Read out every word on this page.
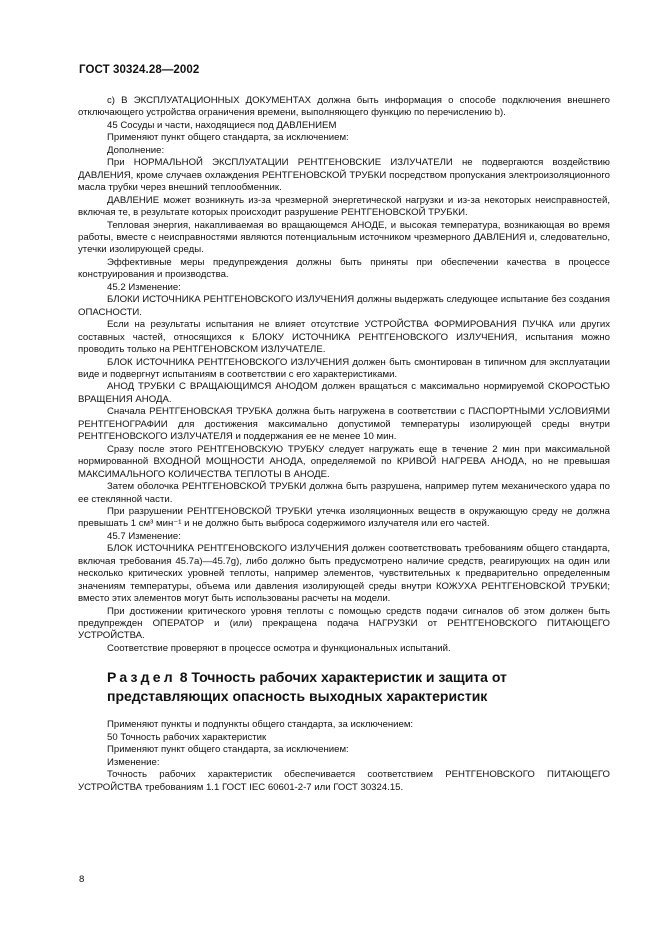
ГОСТ 30324.28—2002

c) В ЭКСПЛУАТАЦИОННЫХ ДОКУМЕНТАХ должна быть информация о способе подключения внешнего отключающего устройства ограничения времени, выполняющего функцию по перечислению b).

45 Сосуды и части, находящиеся под ДАВЛЕНИЕМ

Применяют пункт общего стандарта, за исключением:

Дополнение:

При НОРМАЛЬНОЙ ЭКСПЛУАТАЦИИ РЕНТГЕНОВСКИЕ ИЗЛУЧАТЕЛИ не подвергаются воздействию ДАВЛЕНИЯ, кроме случаев охлаждения РЕНТГЕНОВСКОЙ ТРУБКИ посредством пропускания электроизоляционного масла трубки через внешний теплообменник.

ДАВЛЕНИЕ может возникнуть из-за чрезмерной энергетической нагрузки и из-за некоторых неисправностей, включая те, в результате которых происходит разрушение РЕНТГЕНОВСКОЙ ТРУБКИ.

Тепловая энергия, накапливаемая во вращающемся АНОДЕ, и высокая температура, возникающая во время работы, вместе с неисправностями являются потенциальным источником чрезмерного ДАВЛЕНИЯ и, следовательно, утечки изолирующей среды.

Эффективные меры предупреждения должны быть приняты при обеспечении качества в процессе конструирования и производства.

45.2 Изменение:

БЛОКИ ИСТОЧНИКА РЕНТГЕНОВСКОГО ИЗЛУЧЕНИЯ должны выдержать следующее испытание без создания ОПАСНОСТИ.

Если на результаты испытания не влияет отсутствие УСТРОЙСТВА ФОРМИРОВАНИЯ ПУЧКА или других составных частей, относящихся к БЛОКУ ИСТОЧНИКА РЕНТГЕНОВСКОГО ИЗЛУЧЕНИЯ, испытания можно проводить только на РЕНТГЕНОВСКОМ ИЗЛУЧАТЕЛЕ.

БЛОК ИСТОЧНИКА РЕНТГЕНОВСКОГО ИЗЛУЧЕНИЯ должен быть смонтирован в типичном для эксплуатации виде и подвергнут испытаниям в соответствии с его характеристиками.

АНОД ТРУБКИ С ВРАЩАЮЩИМСЯ АНОДОМ должен вращаться с максимально нормируемой СКОРОСТЬЮ ВРАЩЕНИЯ АНОДА.

Сначала РЕНТГЕНОВСКАЯ ТРУБКА должна быть нагружена в соответствии с ПАСПОРТНЫМИ УСЛОВИЯМИ РЕНТГЕНОГРАФИИ для достижения максимально допустимой температуры изолирующей среды внутри РЕНТГЕНОВСКОГО ИЗЛУЧАТЕЛЯ и поддержания ее не менее 10 мин.

Сразу после этого РЕНТГЕНОВСКУЮ ТРУБКУ следует нагружать еще в течение 2 мин при максимальной нормированной ВХОДНОЙ МОЩНОСТИ АНОДА, определяемой по КРИВОЙ НАГРЕВА АНОДА, но не превышая МАКСИМАЛЬНОГО КОЛИЧЕСТВА ТЕПЛОТЫ В АНОДЕ.

Затем оболочка РЕНТГЕНОВСКОЙ ТРУБКИ должна быть разрушена, например путем механического удара по ее стеклянной части.

При разрушении РЕНТГЕНОВСКОЙ ТРУБКИ утечка изоляционных веществ в окружающую среду не должна превышать 1 см³ мин⁻¹ и не должно быть выброса содержимого излучателя или его частей.

45.7 Изменение:

БЛОК ИСТОЧНИКА РЕНТГЕНОВСКОГО ИЗЛУЧЕНИЯ должен соответствовать требованиям общего стандарта, включая требования 45.7а)—45.7g), либо должно быть предусмотрено наличие средств, реагирующих на один или несколько критических уровней теплоты, например элементов, чувствительных к предварительно определенным значениям температуры, объема или давления изолирующей среды внутри КОЖУХА РЕНТГЕНОВСКОЙ ТРУБКИ; вместо этих элементов могут быть использованы расчеты на модели.

При достижении критического уровня теплоты с помощью средств подачи сигналов об этом должен быть предупрежден ОПЕРАТОР и (или) прекращена подача НАГРУЗКИ от РЕНТГЕНОВСКОГО ПИТАЮЩЕГО УСТРОЙСТВА.

Соответствие проверяют в процессе осмотра и функциональных испытаний.

Раздел 8 Точность рабочих характеристик и защита от представляющих опасность выходных характеристик

Применяют пункты и подпункты общего стандарта, за исключением:

50 Точность рабочих характеристик

Применяют пункт общего стандарта, за исключением:

Изменение:

Точность рабочих характеристик обеспечивается соответствием РЕНТГЕНОВСКОГО ПИТАЮЩЕГО УСТРОЙСТВА требованиям 1.1 ГОСТ IEC 60601-2-7 или ГОСТ 30324.15.

8
